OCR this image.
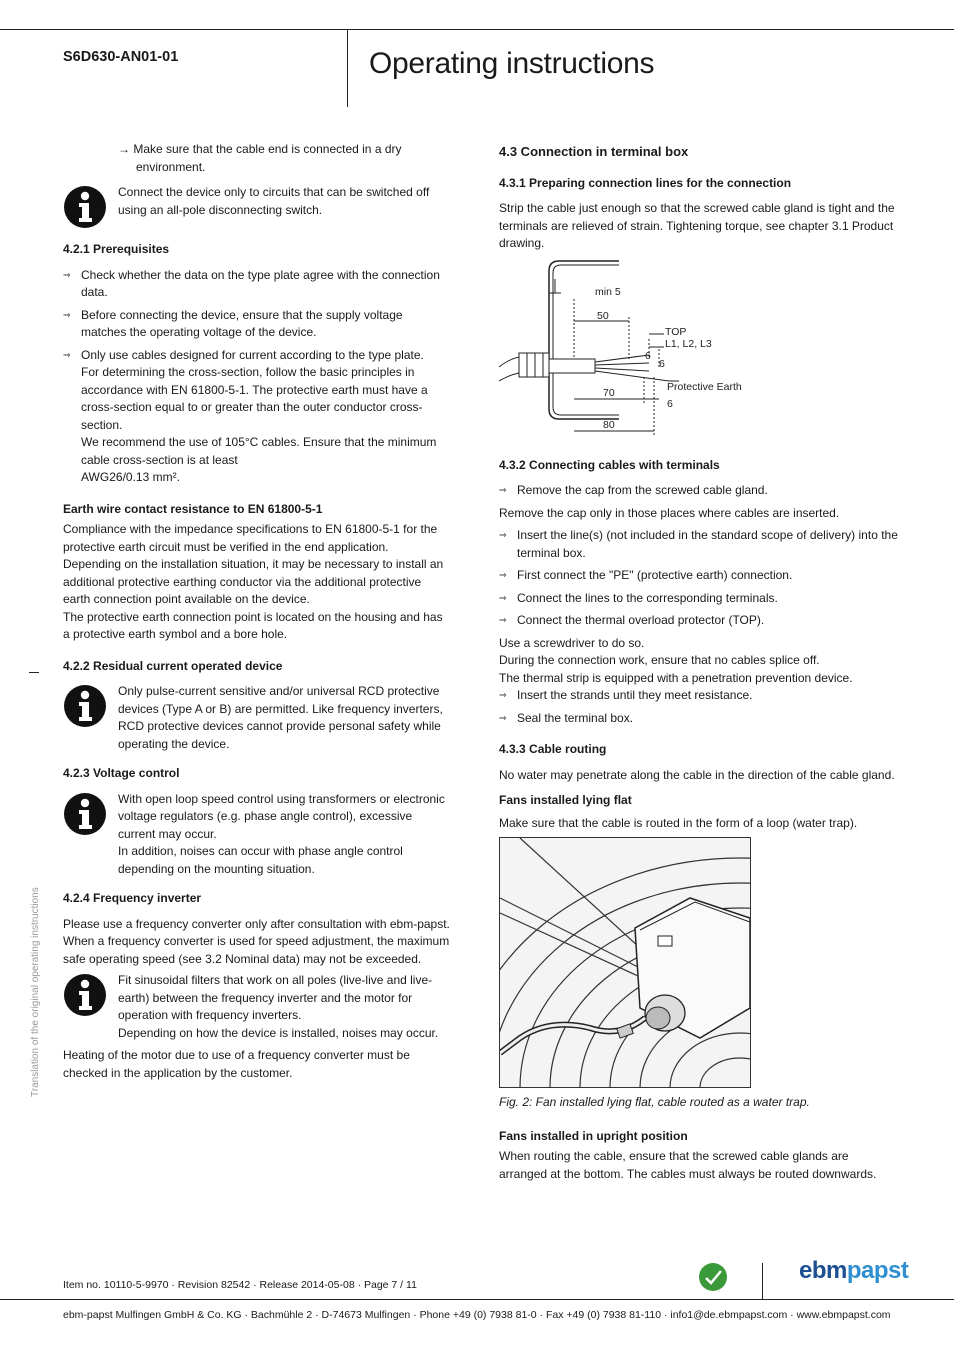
S6D630-AN01-01	Operating instructions

→ Make sure that the cable end is connected in a dry environment.

Connect the device only to circuits that can be switched off using an all-pole disconnecting switch.
4.2.1 Prerequisites
⇒ Check whether the data on the type plate agree with the connection data.
⇒ Before connecting the device, ensure that the supply voltage matches the operating voltage of the device.
⇒ Only use cables designed for current according to the type plate.
For determining the cross-section, follow the basic principles in accordance with EN 61800-5-1. The protective earth must have a cross-section equal to or greater than the outer conductor cross-section.
We recommend the use of 105°C cables. Ensure that the minimum cable cross-section is at least
AWG26/0.13 mm².
Earth wire contact resistance to EN 61800-5-1
Compliance with the impedance specifications to EN 61800-5-1 for the protective earth circuit must be verified in the end application.
Depending on the installation situation, it may be necessary to install an additional protective earthing conductor via the additional protective earth connection point available on the device.
The protective earth connection point is located on the housing and has a protective earth symbol and a bore hole.
4.2.2 Residual current operated device
Only pulse-current sensitive and/or universal RCD protective devices (Type A or B) are permitted. Like frequency inverters, RCD protective devices cannot provide personal safety while operating the device.
4.2.3 Voltage control
With open loop speed control using transformers or electronic voltage regulators (e.g. phase angle control), excessive current may occur.
In addition, noises can occur with phase angle control depending on the mounting situation.
4.2.4 Frequency inverter
Please use a frequency converter only after consultation with ebm-papst.
When a frequency converter is used for speed adjustment, the maximum safe operating speed (see 3.2 Nominal data) may not be exceeded.
Fit sinusoidal filters that work on all poles (live-live and live-earth) between the frequency inverter and the motor for operation with frequency inverters.
Depending on how the device is installed, noises may occur.
Heating of the motor due to use of a frequency converter must be checked in the application by the customer.
4.3 Connection in terminal box
4.3.1 Preparing connection lines for the connection
Strip the cable just enough so that the screwed cable gland is tight and the terminals are relieved of strain. Tightening torque, see chapter 3.1 Product drawing.
min 5
50
TOP
L1, L2, L3
6
6
Protective Earth
70
6
80
4.3.2 Connecting cables with terminals
⇒ Remove the cap from the screwed cable gland.
Remove the cap only in those places where cables are inserted.
⇒ Insert the line(s) (not included in the standard scope of delivery) into the terminal box.
⇒ First connect the "PE" (protective earth) connection.
⇒ Connect the lines to the corresponding terminals.
⇒ Connect the thermal overload protector (TOP).
Use a screwdriver to do so.
During the connection work, ensure that no cables splice off.
The thermal strip is equipped with a penetration prevention device.
⇒ Insert the strands until they meet resistance.
⇒ Seal the terminal box.
4.3.3 Cable routing
No water may penetrate along the cable in the direction of the cable gland.
Fans installed lying flat
Make sure that the cable is routed in the form of a loop (water trap).
Fig. 2: Fan installed lying flat, cable routed as a water trap.
Fans installed in upright position
When routing the cable, ensure that the screwed cable glands are arranged at the bottom. The cables must always be routed downwards.
Translation of the original operating instructions
Item no. 10110-5-9970 · Revision 82542 · Release 2014-05-08 · Page 7 / 11
ebmpapst
ebm-papst Mulfingen GmbH & Co. KG · Bachmühle 2 · D-74673 Mulfingen · Phone +49 (0) 7938 81-0 · Fax +49 (0) 7938 81-110 · info1@de.ebmpapst.com · www.ebmpapst.com
